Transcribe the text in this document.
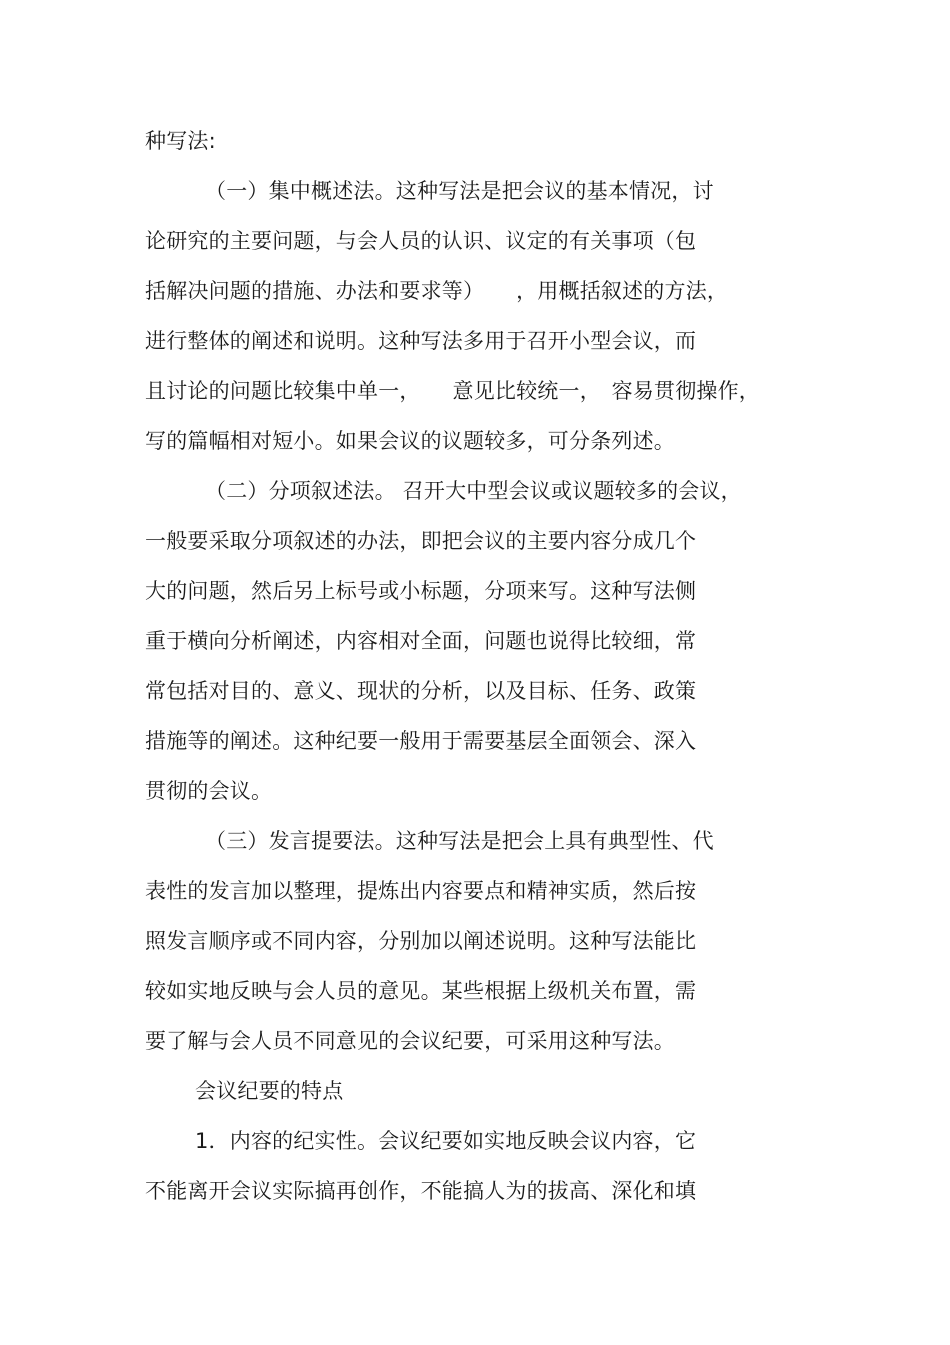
种写法:
（一）集中概述法。这种写法是把会议的基本情况，讨
论研究的主要问题，与会人员的认识、议定的有关事项（包
括解决问题的措施、办法和要求等）　　，用概括叙述的方法，
进行整体的阐述和说明。这种写法多用于召开小型会议，而
且讨论的问题比较集中单一，　　意见比较统一，　容易贯彻操作，
写的篇幅相对短小。如果会议的议题较多，可分条列述。
（二）分项叙述法。 召开大中型会议或议题较多的会议，
一般要采取分项叙述的办法，即把会议的主要内容分成几个
大的问题，然后另上标号或小标题，分项来写。这种写法侧
重于横向分析阐述，内容相对全面，问题也说得比较细，常
常包括对目的、意义、现状的分析，以及目标、任务、政策
措施等的阐述。这种纪要一般用于需要基层全面领会、深入
贯彻的会议。
（三）发言提要法。这种写法是把会上具有典型性、代
表性的发言加以整理，提炼出内容要点和精神实质，然后按
照发言顺序或不同内容，分别加以阐述说明。这种写法能比
较如实地反映与会人员的意见。某些根据上级机关布置，需
要了解与会人员不同意见的会议纪要，可采用这种写法。
会议纪要的特点
1．内容的纪实性。会议纪要如实地反映会议内容，它
不能离开会议实际搞再创作，不能搞人为的拔高、深化和填
